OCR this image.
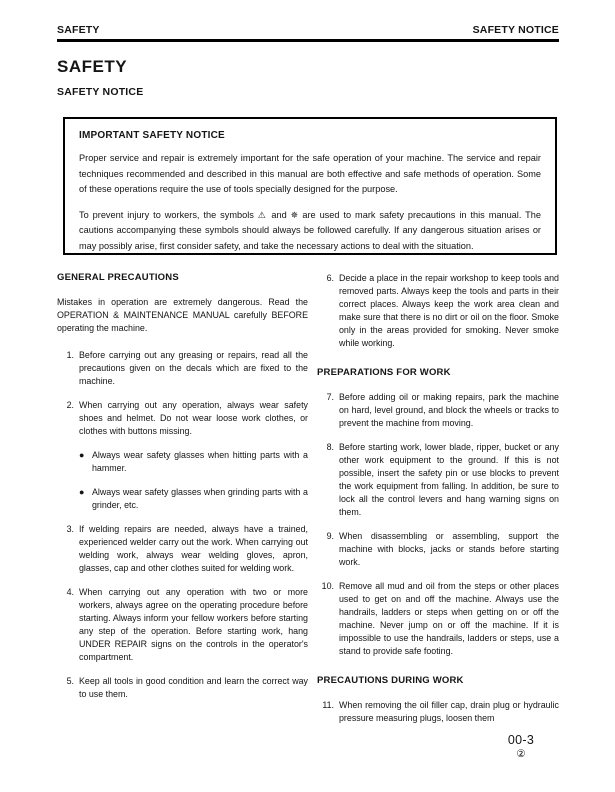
SAFETY	SAFETY NOTICE
SAFETY
SAFETY NOTICE
IMPORTANT SAFETY NOTICE

Proper service and repair is extremely important for the safe operation of your machine. The service and repair techniques recommended and described in this manual are both effective and safe methods of operation. Some of these operations require the use of tools specially designed for the purpose.

To prevent injury to workers, the symbols ⚠ and ✵ are used to mark safety precautions in this manual. The cautions accompanying these symbols should always be followed carefully. If any dangerous situation arises or may possibly arise, first consider safety, and take the necessary actions to deal with the situation.

GENERAL PRECAUTIONS

Mistakes in operation are extremely dangerous. Read the OPERATION & MAINTENANCE MANUAL carefully BEFORE operating the machine.

1. Before carrying out any greasing or repairs, read all the precautions given on the decals which are fixed to the machine.
2. When carrying out any operation, always wear safety shoes and helmet. Do not wear loose work clothes, or clothes with buttons missing.
● Always wear safety glasses when hitting parts with a hammer.
● Always wear safety glasses when grinding parts with a grinder, etc.
3. If welding repairs are needed, always have a trained, experienced welder carry out the work. When carrying out welding work, always wear welding gloves, apron, glasses, cap and other clothes suited for welding work.
4. When carrying out any operation with two or more workers, always agree on the operating procedure before starting. Always inform your fellow workers before starting any step of the operation. Before starting work, hang UNDER REPAIR signs on the controls in the operator's compartment.
5. Keep all tools in good condition and learn the correct way to use them.
6. Decide a place in the repair workshop to keep tools and removed parts. Always keep the tools and parts in their correct places. Always keep the work area clean and make sure that there is no dirt or oil on the floor. Smoke only in the areas provided for smoking. Never smoke while working.
PREPARATIONS FOR WORK
7. Before adding oil or making repairs, park the machine on hard, level ground, and block the wheels or tracks to prevent the machine from moving.
8. Before starting work, lower blade, ripper, bucket or any other work equipment to the ground. If this is not possible, insert the safety pin or use blocks to prevent the work equipment from falling. In addition, be sure to lock all the control levers and hang warning signs on them.
9. When disassembling or assembling, support the machine with blocks, jacks or stands before starting work.
10. Remove all mud and oil from the steps or other places used to get on and off the machine. Always use the handrails, ladders or steps when getting on or off the machine. Never jump on or off the machine. If it is impossible to use the handrails, ladders or steps, use a stand to provide safe footing.
PRECAUTIONS DURING WORK
11. When removing the oil filler cap, drain plug or hydraulic pressure measuring plugs, loosen them
00-3
②
